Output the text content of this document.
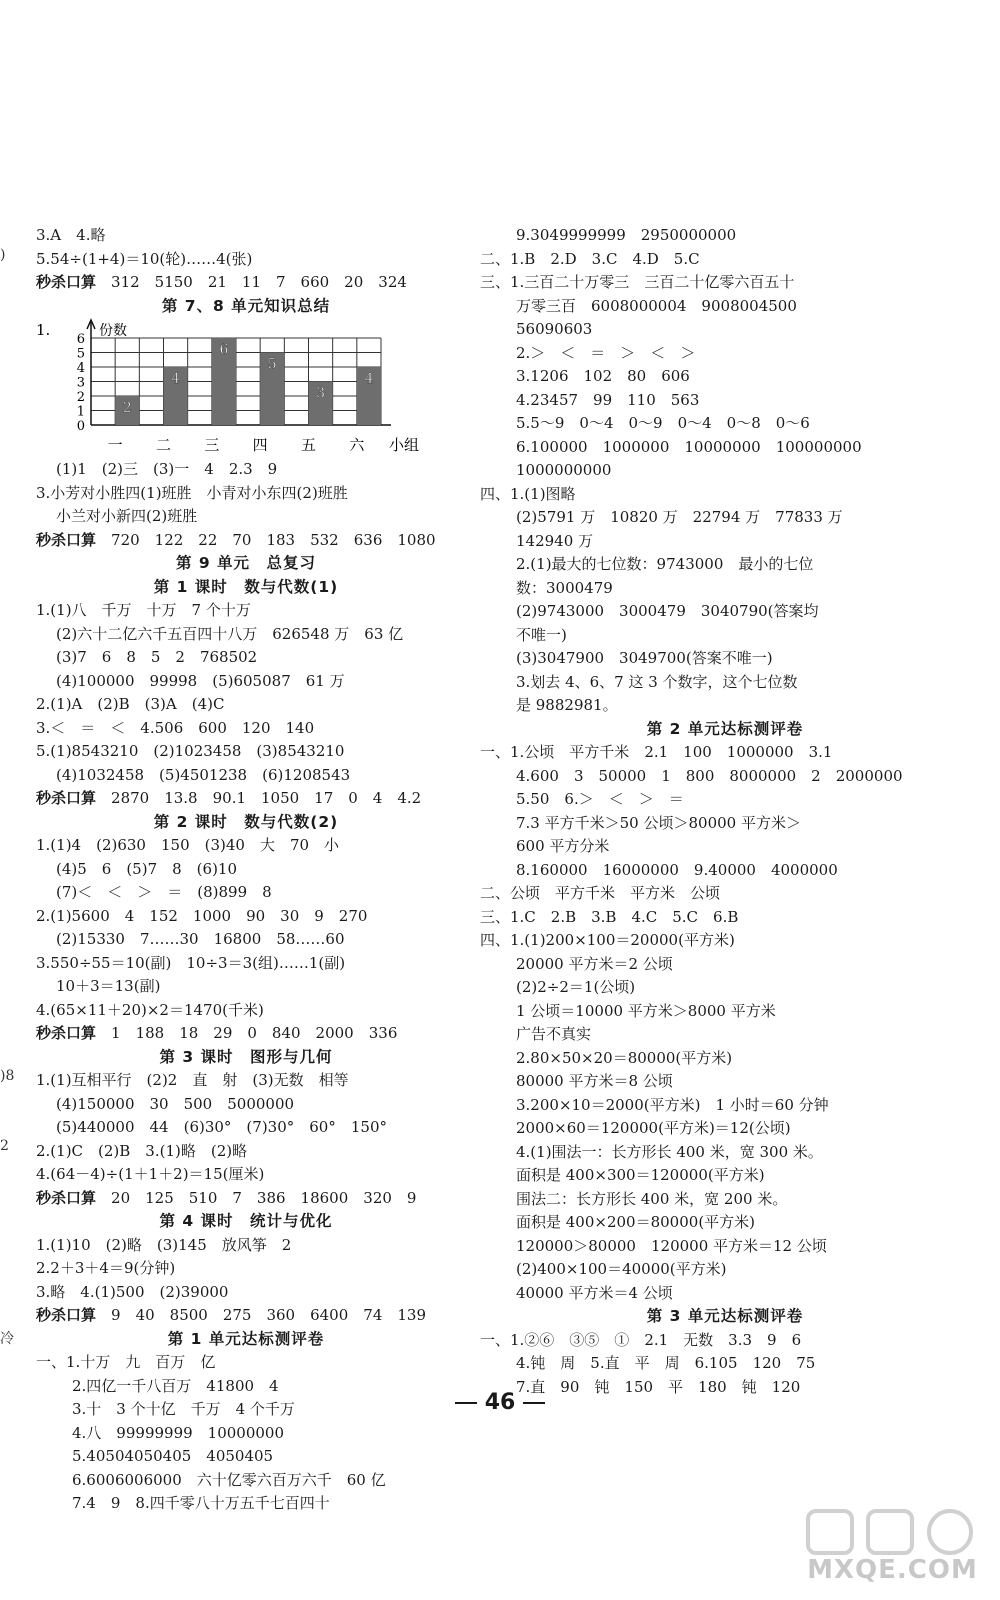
3.A　4.略
5.54÷(1+4)＝10(轮)……4(张)
秒杀口算　 312　5150　21　11　7　660　20　324
第 7、8 单元知识总结
1.	份数
0
1
2
3
4
5
6
2
一
4
二
6
三
5
四
3
五
4
六 小组
(1)1　(2)三　(3)一　4　2.3　9
3.小芳对小胜四(1)班胜　小青对小东四(2)班胜
小兰对小新四(2)班胜
秒杀口算　 720　122　22　70　183　532　636　1080
第 9 单元　总复习
第 1 课时　数与代数(1)
1.(1)八　千万　十万　7 个十万
(2)六十二亿六千五百四十八万　626548 万　63 亿
(3)7　6　8　5　2　768502
(4)100000　99998　(5)605087　61 万
2.(1)A　(2)B　(3)A　(4)C
3.＜　＝　＜　4.506　600　120　140
5.(1)8543210　(2)1023458　(3)8543210
(4)1032458　(5)4501238　(6)1208543
秒杀口算　 2870　13.8　90.1　1050　17　0　4　4.2
第 2 课时　数与代数(2)
1.(1)4　(2)630　150　(3)40　大　70　小
(4)5　6　(5)7　8　(6)10
(7)＜　＜　＞　＝　(8)899　8
2.(1)5600　4　152　1000　90　30　9　270
(2)15330　7……30　16800　58……60
3.550÷55＝10(副)　10÷3＝3(组)……1(副)
10＋3＝13(副)
4.(65×11＋20)×2＝1470(千米)
秒杀口算　 1　188　18　29　0　840　2000　336
第 3 课时　图形与几何
1.(1)互相平行　(2)2　直　射　(3)无数　相等
(4)150000　30　500　5000000
(5)440000　44　(6)30°　(7)30°　60°　150°
2.(1)C　(2)B　3.(1)略　(2)略
4.(64－4)÷(1＋1＋2)＝15(厘米)
秒杀口算　 20　125　510　7　386　18600　320　9
第 4 课时　统计与优化
1.(1)10　(2)略　(3)145　放风筝　2
2.2＋3＋4＝9(分钟)
3.略　4.(1)500　(2)39000
秒杀口算　 9　40　8500　275　360　6400　74　139
第 1 单元达标测评卷
一、1.十万　九　百万　亿
2.四亿一千八百万　41800　4
3.十　3 个十亿　千万　4 个千万
4.八　99999999　10000000
5.40504050405　4050405
6.6006006000　六十亿零六百万六千　60 亿
7.4　9　8.四千零八十万五千七百四十
9.3049999999　2950000000
二、1.B　2.D　3.C　4.D　5.C
三、1.三百二十万零三　三百二十亿零六百五十
万零三百　6008000004　9008004500
56090603
2.＞　＜　＝　＞　＜　＞
3.1206　102　80　606
4.23457　99　110　563
5.5～9　0～4　0～9　0～4　0～8　0～6
6.100000　1000000　10000000　100000000
1000000000
四、1.(1)图略
(2)5791 万　10820 万　22794 万　77833 万
142940 万
2.(1)最大的七位数：9743000　最小的七位
数：3000479
(2)9743000　3000479　3040790(答案均
不唯一)
(3)3047900　3049700(答案不唯一)
3.划去 4、6、7 这 3 个数字，这个七位数
是 9882981。
第 2 单元达标测评卷
一、1.公顷　平方千米　2.1　100　1000000　3.1
4.600　3　50000　1　800　8000000　2　2000000
5.50　6.＞　＜　＞　＝
7.3 平方千米＞50 公顷＞80000 平方米＞
600 平方分米
8.160000　16000000　9.40000　4000000
二、公顷　平方千米　平方米　公顷
三、1.C　2.B　3.B　4.C　5.C　6.B
四、1.(1)200×100＝20000(平方米)
20000 平方米＝2 公顷
(2)2÷2＝1(公顷)
1 公顷＝10000 平方米＞8000 平方米
广告不真实
2.80×50×20＝80000(平方米)
80000 平方米＝8 公顷
3.200×10＝2000(平方米)　1 小时＝60 分钟
2000×60＝120000(平方米)＝12(公顷)
4.(1)围法一：长方形长 400 米，宽 300 米。
面积是 400×300＝120000(平方米)
围法二：长方形长 400 米，宽 200 米。
面积是 400×200＝80000(平方米)
120000＞80000　120000 平方米＝12 公顷
(2)400×100＝40000(平方米)
40000 平方米＝4 公顷
第 3 单元达标测评卷
一、1.②⑥　③⑤　①　2.1　无数　3.3　9　6
4.钝　周　5.直　平　周　6.105　120　75
7.直　90　钝　150　平　180　钝　120
46
)
)8
2
冷
MXQE.COM
